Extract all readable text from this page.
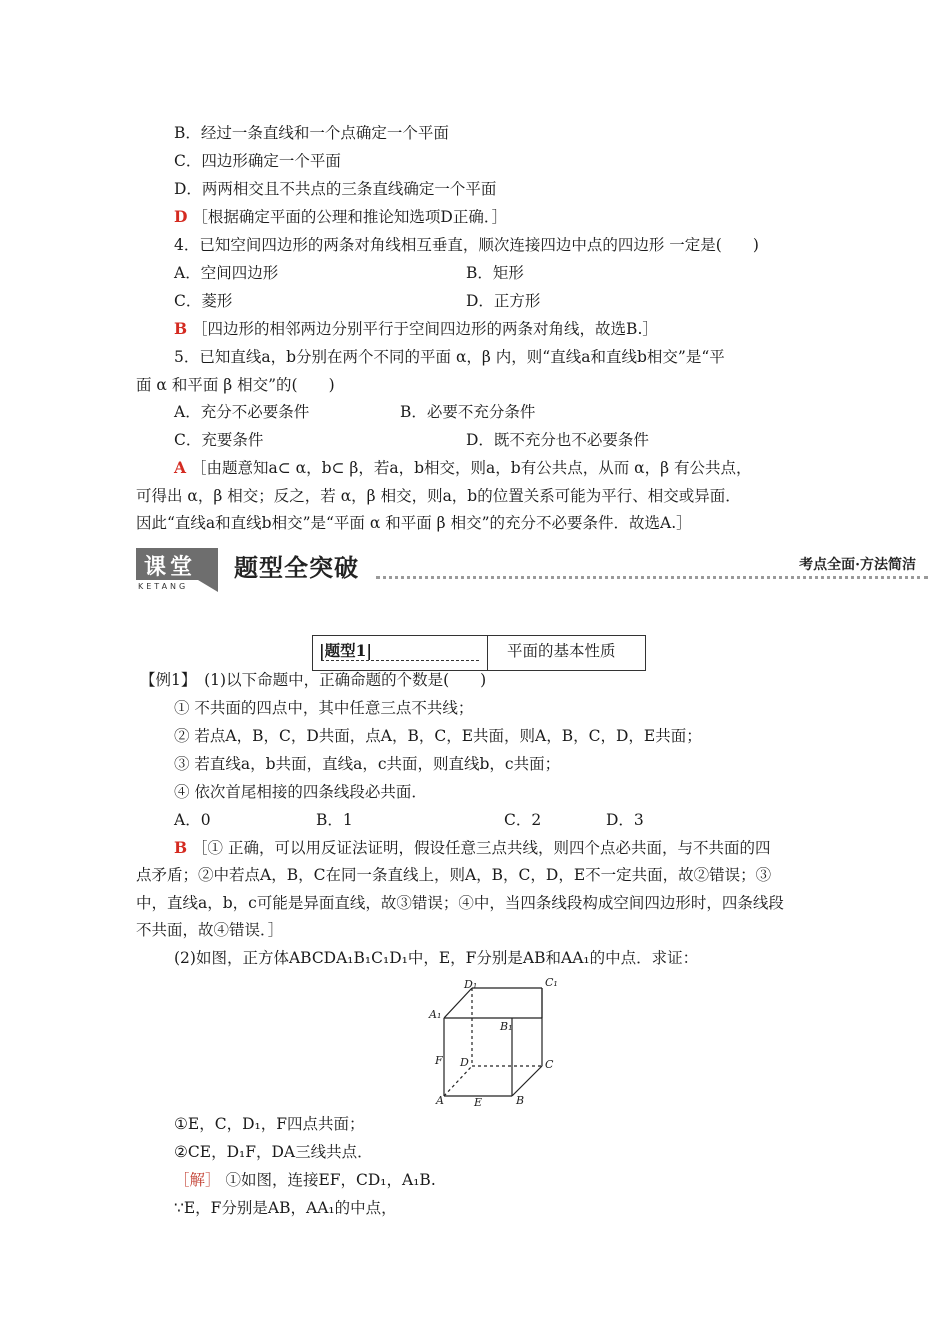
B．经过一条直线和一个点确定一个平面
C．四边形确定一个平面
D．两两相交且不共点的三条直线确定一个平面
D ［根据确定平面的公理和推论知选项D正确．］
4．已知空间四边形的两条对角线相互垂直，顺次连接四边中点的四边形 一定是(　　)
A．空间四边形	B．矩形
C．菱形	D．正方形
B ［四边形的相邻两边分别平行于空间四边形的两条对角线，故选B.］
5．已知直线a，b分别在两个不同的平面 α，β 内，则“直线a和直线b相交”是“平
面 α 和平面 β 相交”的(　　)
A．充分不必要条件	B．必要不充分条件
C．充要条件	D．既不充分也不必要条件
A ［由题意知a⊂ α，b⊂ β，若a，b相交，则a，b有公共点，从而 α，β 有公共点，
可得出 α，β 相交；反之，若 α，β 相交，则a，b的位置关系可能为平行、相交或异面．
因此“直线a和直线b相交”是“平面 α 和平面 β 相交”的充分不必要条件．故选A.］
课堂
KETANG
题型全突破	考点全面·方法简洁
|题型1|	平面的基本性质
【例1】　(1)以下命题中，正确命题的个数是(　　)
① 不共面的四点中，其中任意三点不共线；
② 若点A，B，C，D共面，点A，B，C，E共面，则A，B，C，D，E共面；
③ 若直线a，b共面，直线a，c共面，则直线b，c共面；
④ 依次首尾相接的四条线段必共面．
A．0	B．1	C．2	D．3
B ［① 正确，可以用反证法证明，假设任意三点共线，则四个点必共面，与不共面的四
点矛盾；②中若点A，B，C在同一条直线上，则A，B，C，D，E不一定共面，故②错误；③
中，直线a，b，c可能是异面直线，故③错误；④中，当四条线段构成空间四边形时，四条线段
不共面，故④错误．］
(2)如图，正方体ABCDA₁B₁C₁D₁中，E，F分别是AB和AA₁的中点．求证：
D₁	C₁
A₁
B₁
F D	C
A	E	B
①E，C，D₁，F四点共面；
②CE，D₁F，DA三线共点．
［解］ ①如图，连接EF，CD₁，A₁B.
∵E，F分别是AB，AA₁的中点，
